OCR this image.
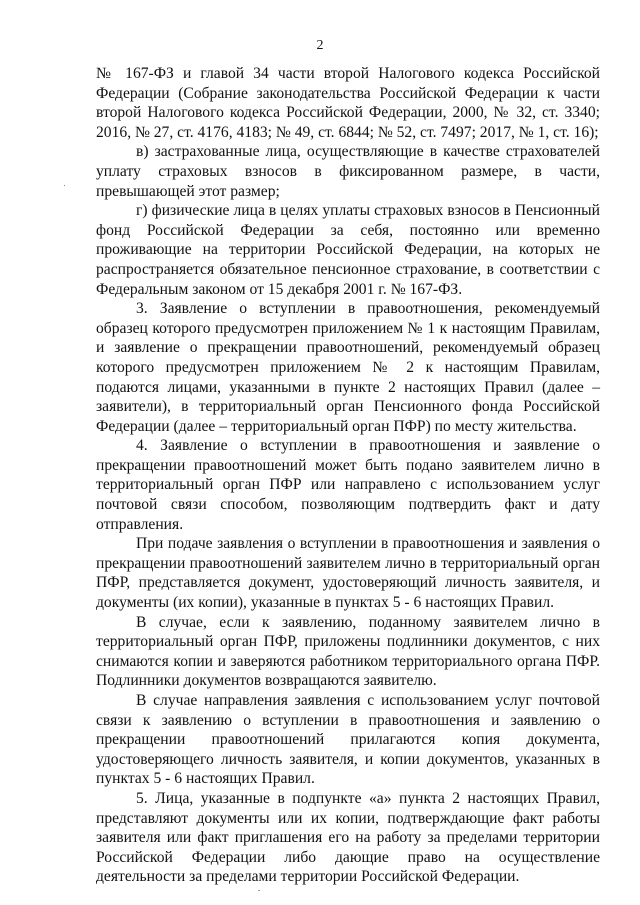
2

№ 167-ФЗ и главой 34 части второй Налогового кодекса Российской Федерации (Собрание законодательства Российской Федерации к части второй Налогового кодекса Российской Федерации, 2000, № 32, ст. 3340; 2016, № 27, ст. 4176, 4183; № 49, ст. 6844; № 52, ст. 7497; 2017, № 1, ст. 16);

в) застрахованные лица, осуществляющие в качестве страхователей уплату страховых взносов в фиксированном размере, в части, превышающей этот размер;

г) физические лица в целях уплаты страховых взносов в Пенсионный фонд Российской Федерации за себя, постоянно или временно проживающие на территории Российской Федерации, на которых не распространяется обязательное пенсионное страхование, в соответствии с Федеральным законом от 15 декабря 2001 г. № 167-ФЗ.

3. Заявление о вступлении в правоотношения, рекомендуемый образец которого предусмотрен приложением № 1 к настоящим Правилам, и заявление о прекращении правоотношений, рекомендуемый образец которого предусмотрен приложением № 2 к настоящим Правилам, подаются лицами, указанными в пункте 2 настоящих Правил (далее – заявители), в территориальный орган Пенсионного фонда Российской Федерации (далее – территориальный орган ПФР) по месту жительства.

4. Заявление о вступлении в правоотношения и заявление о прекращении правоотношений может быть подано заявителем лично в территориальный орган ПФР или направлено с использованием услуг почтовой связи способом, позволяющим подтвердить факт и дату отправления.

При подаче заявления о вступлении в правоотношения и заявления о прекращении правоотношений заявителем лично в территориальный орган ПФР, представляется документ, удостоверяющий личность заявителя, и документы (их копии), указанные в пунктах 5 - 6 настоящих Правил.

В случае, если к заявлению, поданному заявителем лично в территориальный орган ПФР, приложены подлинники документов, с них снимаются копии и заверяются работником территориального органа ПФР. Подлинники документов возвращаются заявителю.

В случае направления заявления с использованием услуг почтовой связи к заявлению о вступлении в правоотношения и заявлению о прекращении правоотношений прилагаются копия документа, удостоверяющего личность заявителя, и копии документов, указанных в пунктах 5 - 6 настоящих Правил.

5. Лица, указанные в подпункте «а» пункта 2 настоящих Правил, представляют документы или их копии, подтверждающие факт работы заявителя или факт приглашения его на работу за пределами территории Российской Федерации либо дающие право на осуществление деятельности за пределами территории Российской Федерации.
